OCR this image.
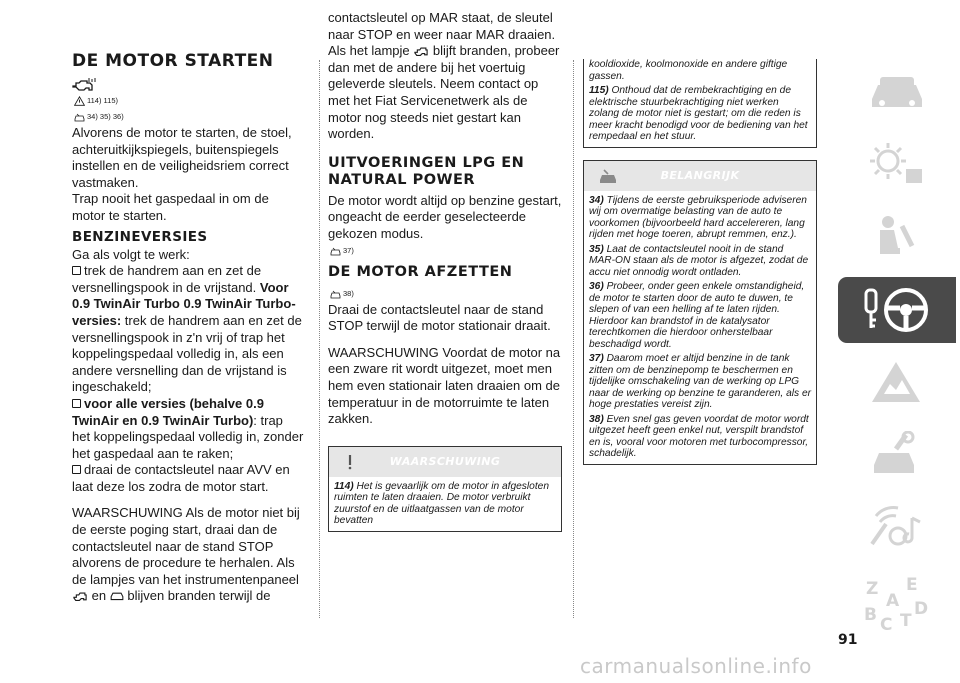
DE MOTOR STARTEN
114) 115)
34) 35) 36)

Alvorens de motor te starten, de stoel, achteruitkijkspiegels, buitenspiegels instellen en de veiligheidsriem correct vastmaken.

Trap nooit het gaspedaal in om de motor te starten.

BENZINEVERSIES

Ga als volgt te werk:

trek de handrem aan en zet de versnellingspook in de vrijstand. Voor 0.9 TwinAir Turbo 0.9 TwinAir Turbo-versies: trek de handrem aan en zet de versnellingspook in z'n vrij of trap het koppelingspedaal volledig in, als een andere versnelling dan de vrijstand is ingeschakeld;

voor alle versies (behalve 0.9 TwinAir en 0.9 TwinAir Turbo): trap het koppelingspedaal volledig in, zonder het gaspedaal aan te raken;

draai de contactsleutel naar AVV en laat deze los zodra de motor start.

WAARSCHUWING Als de motor niet bij de eerste poging start, draai dan de contactsleutel naar de stand STOP alvorens de procedure te herhalen. Als de lampjes van het instrumentenpaneel
en blijven branden terwijl de

contactsleutel op MAR staat, de sleutel naar STOP en weer naar MAR draaien. Als het lampje blijft branden, probeer dan met de andere bij het voertuig geleverde sleutels. Neem contact op met het Fiat Servicenetwerk als de motor nog steeds niet gestart kan worden.

UITVOERINGEN LPG EN NATURAL POWER

De motor wordt altijd op benzine gestart, ongeacht de eerder geselecteerde gekozen modus.

37)
DE MOTOR AFZETTEN
38)

Draai de contactsleutel naar de stand STOP terwijl de motor stationair draait.

WAARSCHUWING Voordat de motor na een zware rit wordt uitgezet, moet men hem even stationair laten draaien om de temperatuur in de motorruimte te laten zakken.

WAARSCHUWING

114) Het is gevaarlijk om de motor in afgesloten ruimten te laten draaien. De motor verbruikt zuurstof en de uitlaatgassen van de motor bevatten

kooldioxide, koolmonoxide en andere giftige gassen.

115) Onthoud dat de rembekrachtiging en de elektrische stuurbekrachtiging niet werken zolang de motor niet is gestart; om die reden is meer kracht benodigd voor de bediening van het rempedaal en het stuur.

BELANGRIJK

34) Tijdens de eerste gebruiksperiode adviseren wij om overmatige belasting van de auto te voorkomen (bijvoorbeeld hard accelereren, lang rijden met hoge toeren, abrupt remmen, enz.).

35) Laat de contactsleutel nooit in de stand MAR-ON staan als de motor is afgezet, zodat de accu niet onnodig wordt ontladen.

36) Probeer, onder geen enkele omstandigheid, de motor te starten door de auto te duwen, te slepen of van een helling af te laten rijden. Hierdoor kan brandstof in de katalysator terechtkomen die hierdoor onherstelbaar beschadigd wordt.

37) Daarom moet er altijd benzine in de tank zitten om de benzinepomp te beschermen en tijdelijke omschakeling van de werking op LPG naar de werking op benzine te garanderen, als er hoge prestaties vereist zijn.

38) Even snel gas geven voordat de motor wordt uitgezet heeft geen enkel nut, verspilt brandstof en is, vooral voor motoren met turbocompressor, schadelijk.

Z E
A
B C T
D
91
carmanualsonline.info
